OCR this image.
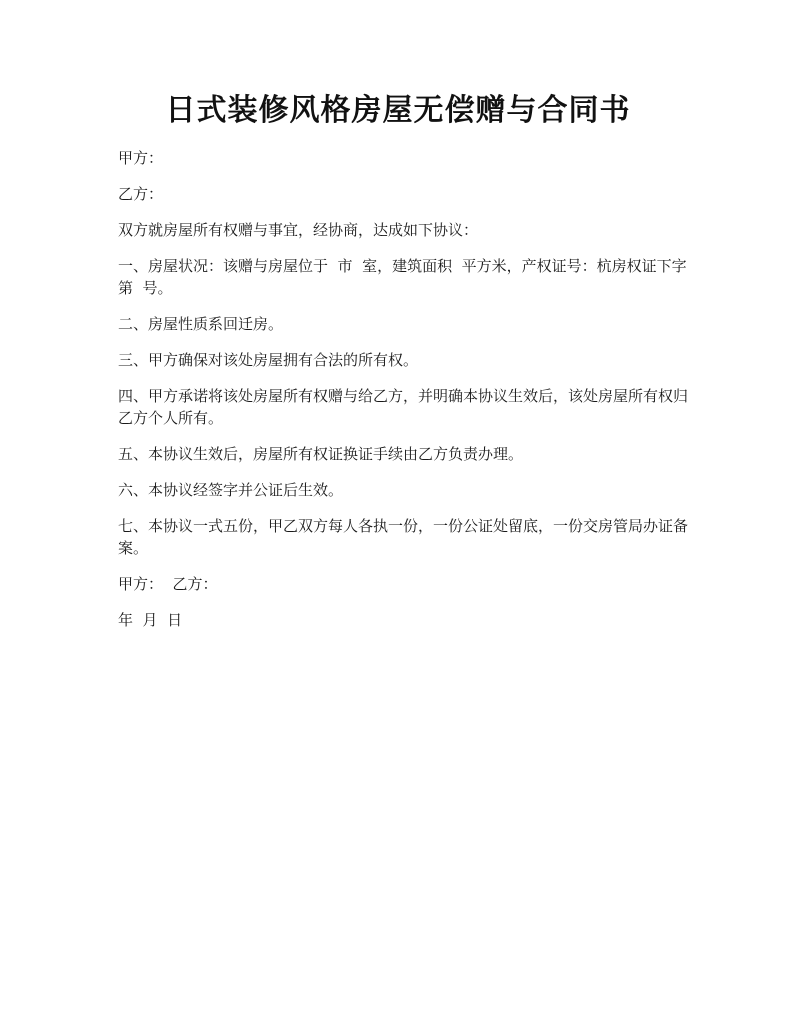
日式装修风格房屋无偿赠与合同书

甲方：

乙方：

双方就房屋所有权赠与事宜，经协商，达成如下协议：

一、房屋状况：该赠与房屋位于  市  室，建筑面积  平方米，产权证号：杭房权证下字第  号。

二、房屋性质系回迁房。

三、甲方确保对该处房屋拥有合法的所有权。

四、甲方承诺将该处房屋所有权赠与给乙方，并明确本协议生效后，该处房屋所有权归乙方个人所有。

五、本协议生效后，房屋所有权证换证手续由乙方负责办理。

六、本协议经签字并公证后生效。

七、本协议一式五份，甲乙双方每人各执一份，一份公证处留底，一份交房管局办证备案。

甲方：  乙方：

年  月  日
